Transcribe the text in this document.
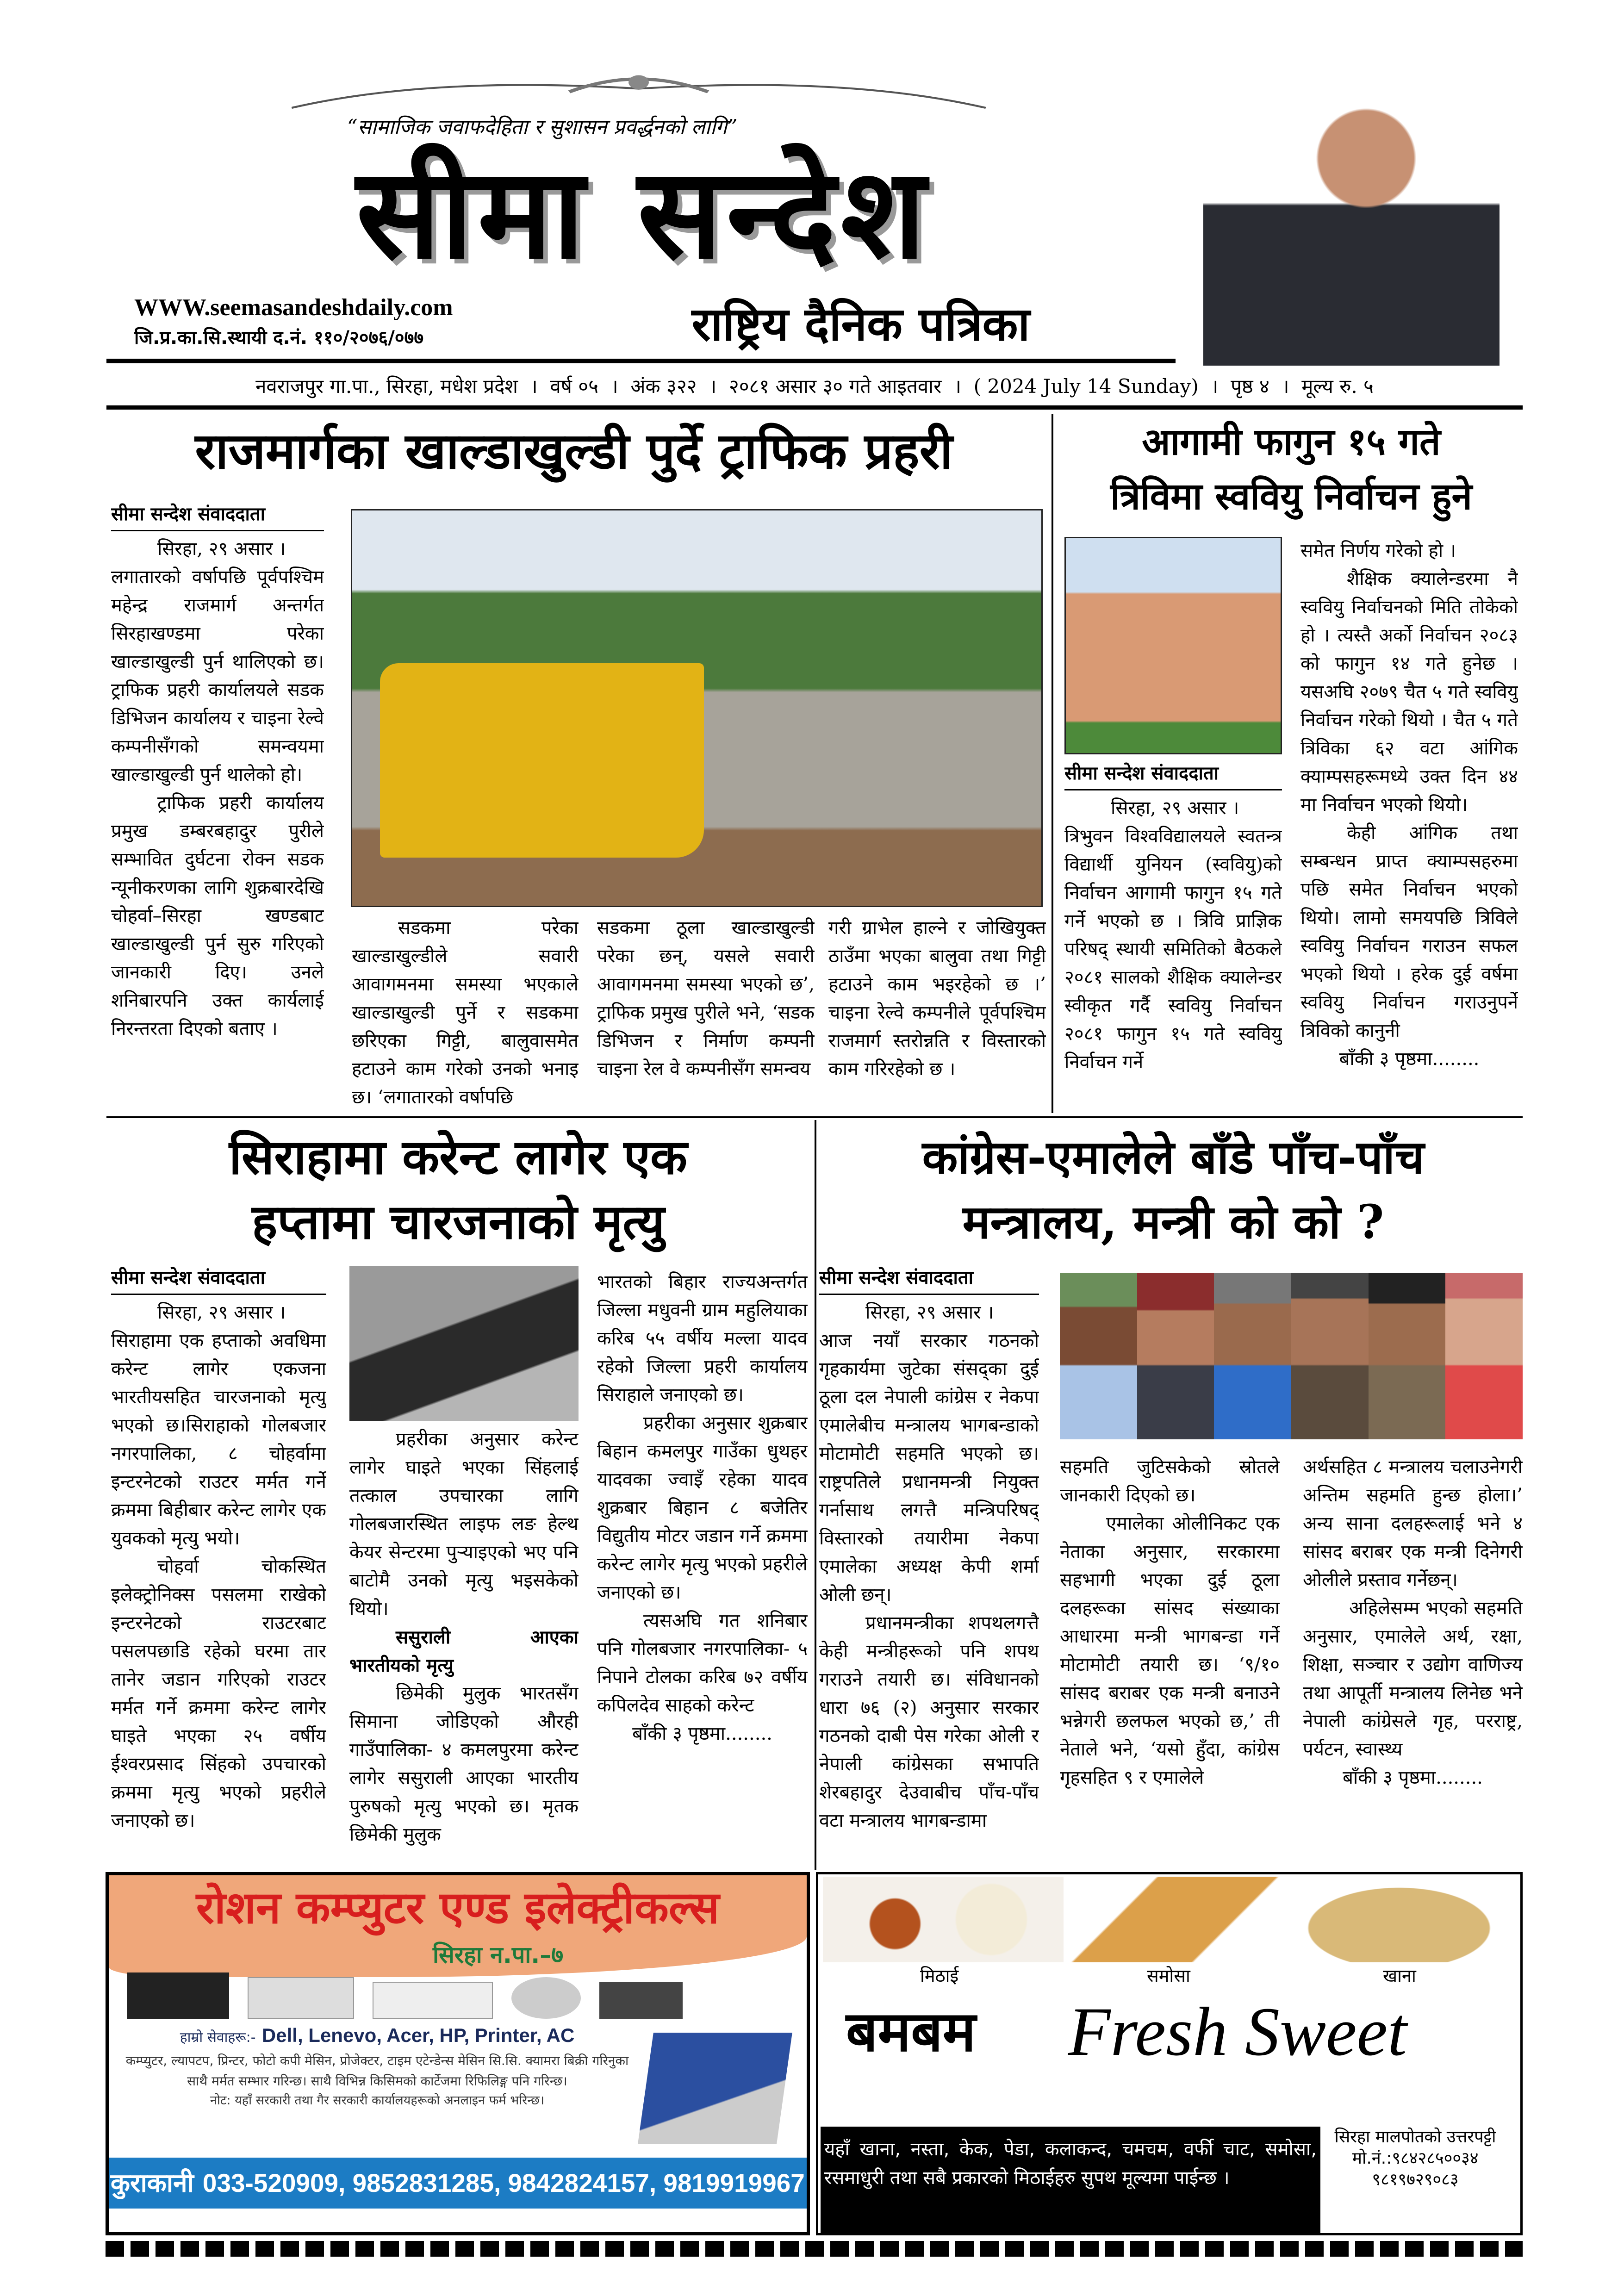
“सामाजिक जवाफदेहिता र सुशासन प्रवर्द्धनको लागि”
सीमा सन्देश
WWW.seemasandeshdaily.com
जि.प्र.का.सि.स्थायी द.नं. ११०/२०७६/०७७	राष्ट्रिय दैनिक पत्रिका
नवराजपुर गा.पा., सिरहा, मधेश प्रदेश । वर्ष ०५ । अंक ३२२ । २०८१ असार ३० गते आइतवार । ( 2024 July 14 Sunday) । पृष्ठ ४ । मूल्य रु. ५
राजमार्गका खाल्डाखुल्डी पुर्दे ट्राफिक प्रहरी
सीमा सन्देश संवाददाता

सिरहा, २९ असार ।

लगातारको वर्षापछि पूर्वपश्चिम महेन्द्र राजमार्ग अन्तर्गत सिरहाखण्डमा परेका खाल्डाखुल्डी पुर्न थालिएको छ। ट्राफिक प्रहरी कार्यालयले सडक डिभिजन कार्यालय र चाइना रेल्वे कम्पनीसँगको समन्वयमा खाल्डाखुल्डी पुर्न थालेको हो।

ट्राफिक प्रहरी कार्यालय प्रमुख डम्बरबहादुर पुरीले सम्भावित दुर्घटना रोक्न सडक न्यूनीकरणका लागि शुक्रबारदेखि चोहर्वा–सिरहा खण्डबाट खाल्डाखुल्डी पुर्न सुरु गरिएको जानकारी दिए। उनले शनिबारपनि उक्त कार्यलाई निरन्तरता दिएको बताए ।

सडकमा परेका खाल्डाखुल्डीले सवारी आवागमनमा समस्या भएकाले खाल्डाखुल्डी पुर्ने र सडकमा छरिएका गिट्टी, बालुवासमेत हटाउने काम गरेको उनको भनाइ छ। ‘लगातारको वर्षापछि

सडकमा ठूला खाल्डाखुल्डी परेका छन्, यसले सवारी आवागमनमा समस्या भएको छ’, ट्राफिक प्रमुख पुरीले भने, ‘सडक डिभिजन र निर्माण कम्पनी चाइना रेल वे कम्पनीसँग समन्वय

गरी ग्राभेल हाल्ने र जोखियुक्त ठाउँमा भएका बालुवा तथा गिट्टी हटाउने काम भइरहेको छ ।’ चाइना रेल्वे कम्पनीले पूर्वपश्चिम राजमार्ग स्तरोन्नति र विस्तारको काम गरिरहेको छ ।

आगामी फागुन १५ गते
त्रिविमा स्ववियु निर्वाचन हुने
सीमा सन्देश संवाददाता

सिरहा, २९ असार ।

त्रिभुवन विश्वविद्यालयले स्वतन्त्र विद्यार्थी युनियन (स्ववियु)को निर्वाचन आगामी फागुन १५ गते गर्ने भएको छ । त्रिवि प्राज्ञिक परिषद् स्थायी समितिको बैठकले २०८१ सालको शैक्षिक क्यालेन्डर स्वीकृत गर्दै स्ववियु निर्वाचन २०८१ फागुन १५ गते स्ववियु निर्वाचन गर्ने

समेत निर्णय गरेको हो ।

शैक्षिक क्यालेन्डरमा नै स्ववियु निर्वाचनको मिति तोकेको हो । त्यस्तै अर्को निर्वाचन २०८३ को फागुन १४ गते हुनेछ । यसअघि २०७९ चैत ५ गते स्ववियु निर्वाचन गरेको थियो । चैत ५ गते त्रिविका ६२ वटा आंगिक क्याम्पसहरूमध्ये उक्त दिन ४४ मा निर्वाचन भएको थियो।

केही आंगिक तथा सम्बन्धन प्राप्त क्याम्पसहरुमा पछि समेत निर्वाचन भएको थियो। लामो समयपछि त्रिविले स्ववियु निर्वाचन गराउन सफल भएको थियो । हरेक दुई वर्षमा स्ववियु निर्वाचन गराउनुपर्ने त्रिविको कानुनी

बाँकी ३ पृष्ठमा........

सिराहामा करेन्ट लागेर एक
हप्तामा चारजनाको मृत्यु
सीमा सन्देश संवाददाता

सिरहा, २९ असार ।

सिराहामा एक हप्ताको अवधिमा करेन्ट लागेर एकजना भारतीयसहित चारजनाको मृत्यु भएको छ।सिराहाको गोलबजार नगरपालिका, ८ चोहर्वामा इन्टरनेटको राउटर मर्मत गर्ने क्रममा बिहीबार करेन्ट लागेर एक युवकको मृत्यु भयो।

चोहर्वा चोकस्थित इलेक्ट्रोनिक्स पसलमा राखेको इन्टरनेटको राउटरबाट पसलपछाडि रहेको घरमा तार तानेर जडान गरिएको राउटर मर्मत गर्ने क्रममा करेन्ट लागेर घाइते भएका २५ वर्षीय ईश्वरप्रसाद सिंहको उपचारको क्रममा मृत्यु भएको प्रहरीले जनाएको छ।

प्रहरीका अनुसार करेन्ट लागेर घाइते भएका सिंहलाई तत्काल उपचारका लागि गोलबजारस्थित लाइफ लङ हेल्थ केयर सेन्टरमा पुर्‍याइएको भए पनि बाटोमै उनको मृत्यु भइसकेको थियो।

ससुराली आएका भारतीयको मृत्यु

छिमेकी मुलुक भारतसँग सिमाना जोडिएको औरही गाउँपालिका- ४ कमलपुरमा करेन्ट लागेर ससुराली आएका भारतीय पुरुषको मृत्यु भएको छ। मृतक छिमेकी मुलुक

भारतको बिहार राज्यअन्तर्गत जिल्ला मधुवनी ग्राम महुलियाका करिब ५५ वर्षीय मल्ला यादव रहेको जिल्ला प्रहरी कार्यालय सिराहाले जनाएको छ।

प्रहरीका अनुसार शुक्रबार बिहान कमलपुर गाउँका धुथहर यादवका ज्वाइँ रहेका यादव शुक्रबार बिहान ८ बजेतिर विद्युतीय मोटर जडान गर्ने क्रममा करेन्ट लागेर मृत्यु भएको प्रहरीले जनाएको छ।

त्यसअघि गत शनिबार पनि गोलबजार नगरपालिका- ५ निपाने टोलका करिब ७२ वर्षीय कपिलदेव साहको करेन्ट

बाँकी ३ पृष्ठमा........

कांग्रेस-एमालेले बाँडे पाँच-पाँच
मन्त्रालय, मन्त्री को को ?
सीमा सन्देश संवाददाता

सिरहा, २९ असार ।

आज नयाँ सरकार गठनको गृहकार्यमा जुटेका संसद्का दुई ठूला दल नेपाली कांग्रेस र नेकपा एमालेबीच मन्त्रालय भागबन्डाको मोटामोटी सहमति भएको छ। राष्ट्रपतिले प्रधानमन्त्री नियुक्त गर्नासाथ लगत्तै मन्त्रिपरिषद् विस्तारको तयारीमा नेकपा एमालेका अध्यक्ष केपी शर्मा ओली छन्।

प्रधानमन्त्रीका शपथलगत्तै केही मन्त्रीहरूको पनि शपथ गराउने तयारी छ। संविधानको धारा ७६ (२) अनुसार सरकार गठनको दाबी पेस गरेका ओली र नेपाली कांग्रेसका सभापति शेरबहादुर देउवाबीच पाँच-पाँच वटा मन्त्रालय भागबन्डामा

सहमति जुटिसकेको स्रोतले जानकारी दिएको छ।

एमालेका ओलीनिकट एक नेताका अनुसार, सरकारमा सहभागी भएका दुई ठूला दलहरूका सांसद संख्याका आधारमा मन्त्री भागबन्डा गर्ने मोटामोटी तयारी छ। ‘९/१० सांसद बराबर एक मन्त्री बनाउने भन्नेगरी छलफल भएको छ,’ ती नेताले भने, ‘यसो हुँदा, कांग्रेस गृहसहित ९ र एमालेले

अर्थसहित ८ मन्त्रालय चलाउनेगरी अन्तिम सहमति हुन्छ होला।’ अन्य साना दलहरूलाई भने ४ सांसद बराबर एक मन्त्री दिनेगरी ओलीले प्रस्ताव गर्नेछन्।

अहिलेसम्म भएको सहमति अनुसार, एमालेले अर्थ, रक्षा, शिक्षा, सञ्चार र उद्योग वाणिज्य तथा आपूर्ती मन्त्रालय लिनेछ भने नेपाली कांग्रेसले गृह, परराष्ट्र, पर्यटन, स्वास्थ्य

बाँकी ३ पृष्ठमा........

रोशन कम्प्युटर एण्ड इलेक्ट्रीकल्स
सिरहा न.पा.–७
हाम्रो सेवाहरू:- Dell, Lenevo, Acer, HP, Printer, AC
कम्प्युटर, ल्यापटप, प्रिन्टर, फोटो कपी मेसिन, प्रोजेक्टर, टाइम एटेन्डेन्स मेसिन सि.सि. क्यामरा बिक्री गरिनुका साथै मर्मत सम्भार गरिन्छ। साथै विभिन्न किसिमको कार्टेजमा रिफिलिङ्ग पनि गरिन्छ।
नोट: यहाँ सरकारी तथा गैर सरकारी कार्यालयहरूको अनलाइन फर्म भरिन्छ।
कुराकानी 033-520909, 9852831285, 9842824157, 9819919967
मिठाई	समोसा	खाना
बमबम Fresh Sweet
यहाँ खाना, नस्ता, केक, पेडा, कलाकन्द, चमचम, वर्फी चाट, समोसा, रसमाधुरी तथा सबै प्रकारको मिठाईहरु सुपथ मूल्यमा पाईन्छ ।
सिरहा मालपोतको उत्तरपट्टी
मो.नं.:९८४२८५००३४
९८१९७२९०८३
